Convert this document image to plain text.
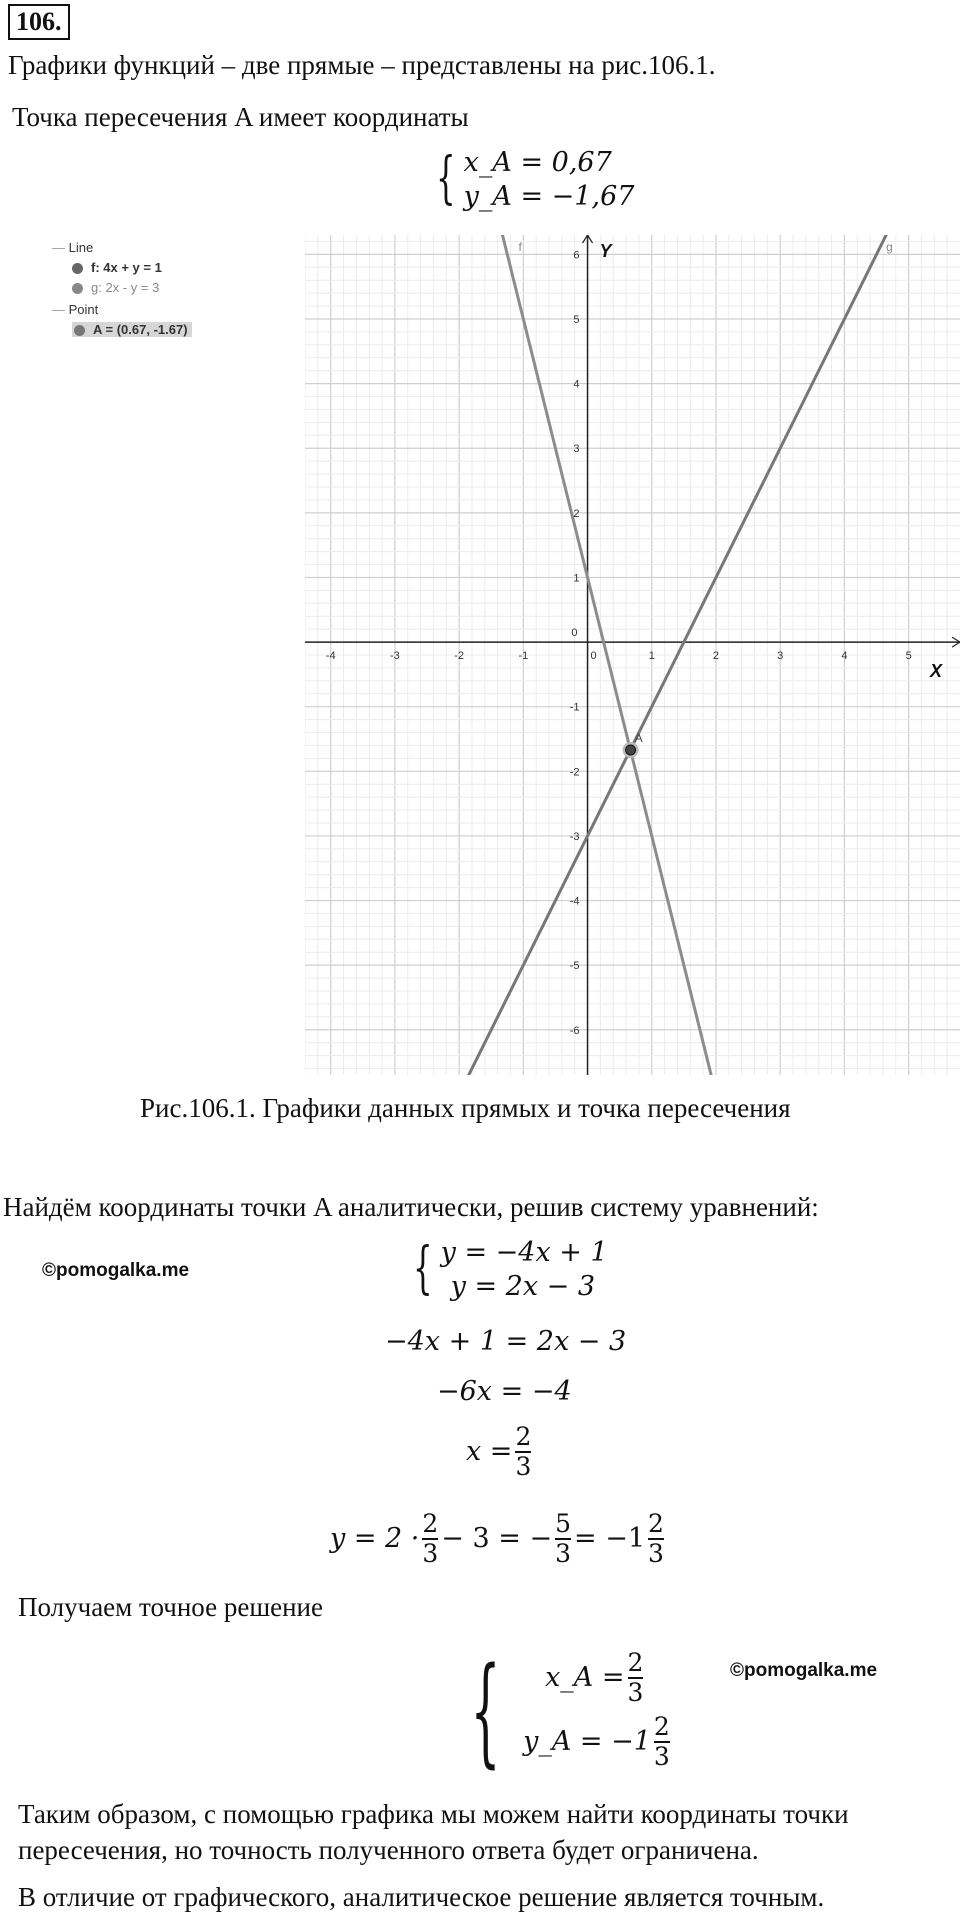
106.
Графики функций – две прямые – представлены на рис.106.1.
Точка пересечения A имеет координаты
{ x_A = 0,67
y_A = −1,67
— Line
f: 4x + y = 1
g: 2x - y = 3
— Point
A = (0.67, -1.67)
-4	-3	-2	-1	0	1	2	3	4	5
-6
-5
-4
-3
-2
-1
0
1
2
3
4
5
6
X
Y
f	g
A
Рис.106.1. Графики данных прямых и точка пересечения
Найдём координаты точки A аналитически, решив систему уравнений:
©pomogalka.me	{ y = −4x + 1
y = 2x − 3
−4x + 1 = 2x − 3
−6x = −4
$x = \frac{2}{3}$
$y = 2 \cdot \frac{2}{3} - 3$ = − $\frac{5}{3} = -1 \frac{2}{3}$
Получаем точное решение
{ x_A = $\frac{2}{3}$
y_A = $-1 \frac{2}{3}$
©pomogalka.me
Таким образом, с помощью графика мы можем найти координаты точки
пересечения, но точность полученного ответа будет ограничена.
В отличие от графического, аналитическое решение является точным.
